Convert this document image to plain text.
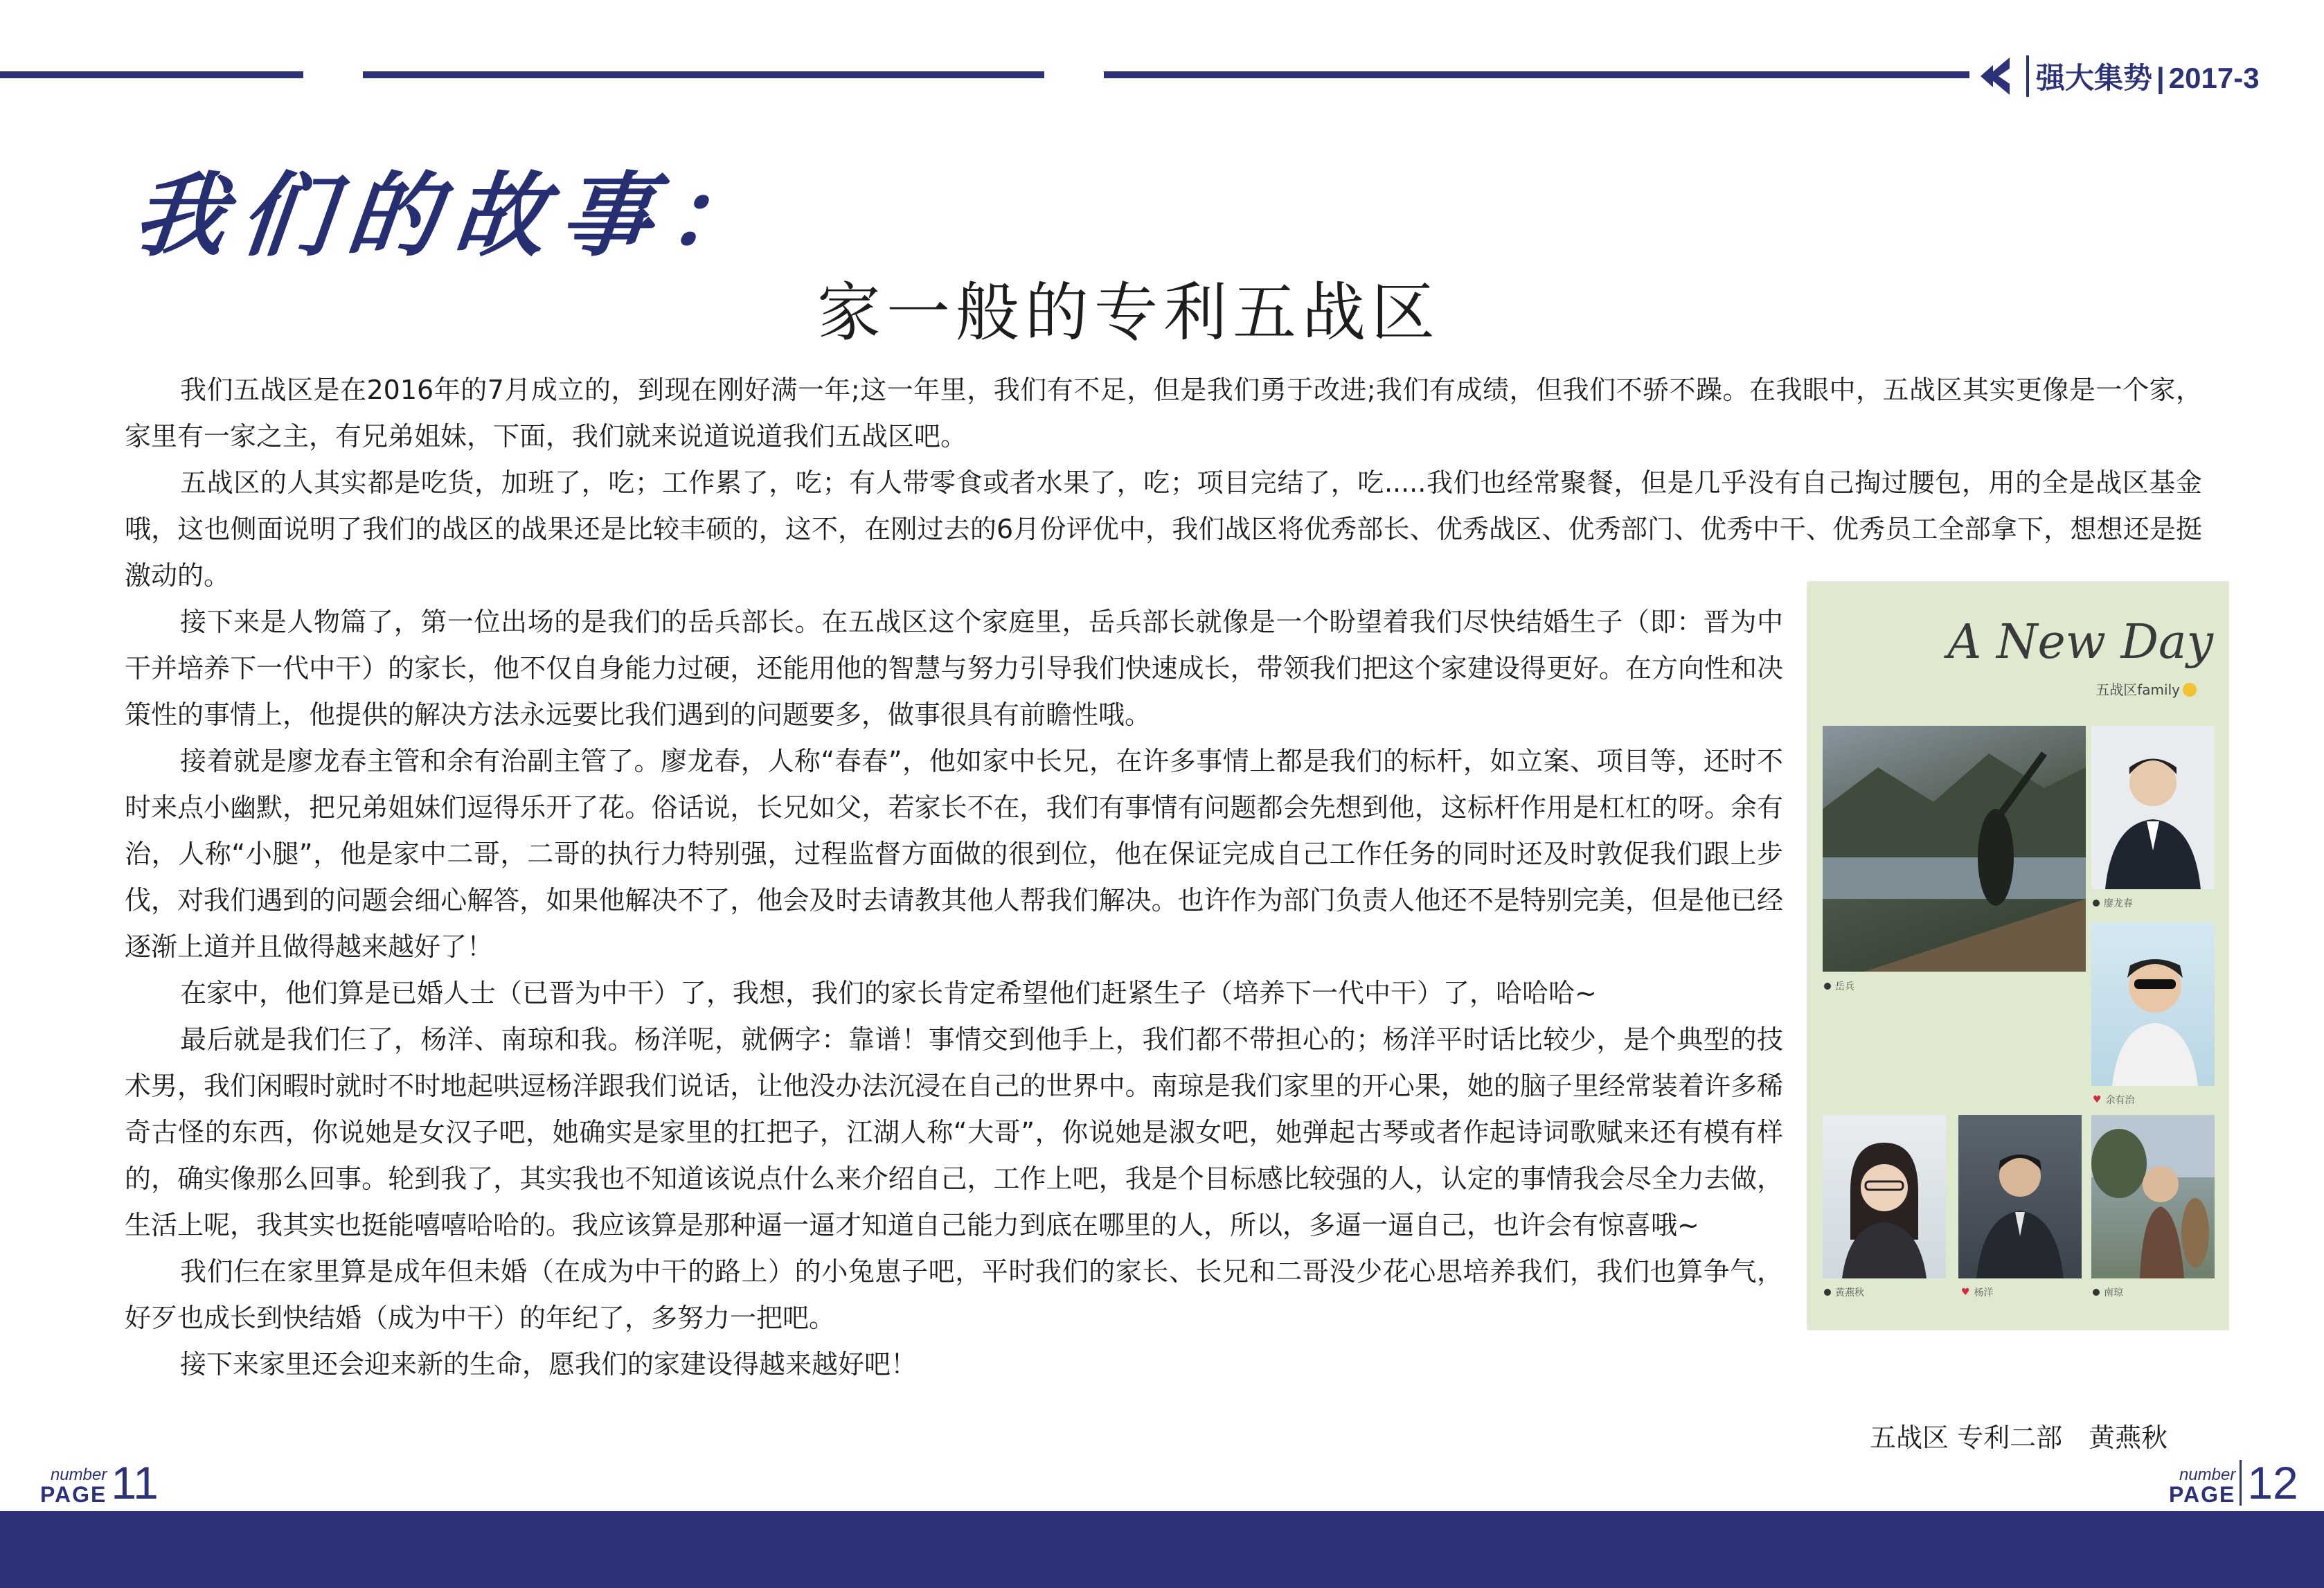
强大集势 | 2017-3
我们的故事：
家一般的专利五战区

我们五战区是在2016年的7月成立的，到现在刚好满一年;这一年里，我们有不足，但是我们勇于改进;我们有成绩，但我们不骄不躁。在我眼中，五战区其实更像是一个家，家里有一家之主，有兄弟姐妹，下面，我们就来说道说道我们五战区吧。

五战区的人其实都是吃货，加班了，吃；工作累了，吃；有人带零食或者水果了，吃；项目完结了，吃.....我们也经常聚餐，但是几乎没有自己掏过腰包，用的全是战区基金哦，这也侧面说明了我们的战区的战果还是比较丰硕的，这不，在刚过去的6月份评优中，我们战区将优秀部长、优秀战区、优秀部门、优秀中干、优秀员工全部拿下，想想还是挺激动的。

接下来是人物篇了，第一位出场的是我们的岳兵部长。在五战区这个家庭里，岳兵部长就像是一个盼望着我们尽快结婚生子（即：晋为中干并培养下一代中干）的家长，他不仅自身能力过硬，还能用他的智慧与努力引导我们快速成长，带领我们把这个家建设得更好。在方向性和决策性的事情上，他提供的解决方法永远要比我们遇到的问题要多，做事很具有前瞻性哦。

接着就是廖龙春主管和余有治副主管了。廖龙春，人称“春春”，他如家中长兄，在许多事情上都是我们的标杆，如立案、项目等，还时不时来点小幽默，把兄弟姐妹们逗得乐开了花。俗话说，长兄如父，若家长不在，我们有事情有问题都会先想到他，这标杆作用是杠杠的呀。余有治，人称“小腿”，他是家中二哥，二哥的执行力特别强，过程监督方面做的很到位，他在保证完成自己工作任务的同时还及时敦促我们跟上步伐，对我们遇到的问题会细心解答，如果他解决不了，他会及时去请教其他人帮我们解决。也许作为部门负责人他还不是特别完美，但是他已经逐渐上道并且做得越来越好了！

在家中，他们算是已婚人士（已晋为中干）了，我想，我们的家长肯定希望他们赶紧生子（培养下一代中干）了，哈哈哈~

最后就是我们仨了，杨洋、南琼和我。杨洋呢，就俩字：靠谱！事情交到他手上，我们都不带担心的；杨洋平时话比较少，是个典型的技术男，我们闲暇时就时不时地起哄逗杨洋跟我们说话，让他没办法沉浸在自己的世界中。南琼是我们家里的开心果，她的脑子里经常装着许多稀奇古怪的东西，你说她是女汉子吧，她确实是家里的扛把子，江湖人称“大哥”，你说她是淑女吧，她弹起古琴或者作起诗词歌赋来还有模有样的，确实像那么回事。轮到我了，其实我也不知道该说点什么来介绍自己，工作上吧，我是个目标感比较强的人，认定的事情我会尽全力去做，生活上呢，我其实也挺能嘻嘻哈哈的。我应该算是那种逼一逼才知道自己能力到底在哪里的人，所以，多逼一逼自己，也许会有惊喜哦~

我们仨在家里算是成年但未婚（在成为中干的路上）的小兔崽子吧，平时我们的家长、长兄和二哥没少花心思培养我们，我们也算争气，好歹也成长到快结婚（成为中干）的年纪了，多努力一把吧。

接下来家里还会迎来新的生命，愿我们的家建设得越来越好吧！

A New Day
五战区family
岳兵
廖龙春
♥ 余有治
黄燕秋	♥ 杨洋	南琼
五战区 专利二部　黄燕秋
number
PAGE 11	number
PAGE 12
